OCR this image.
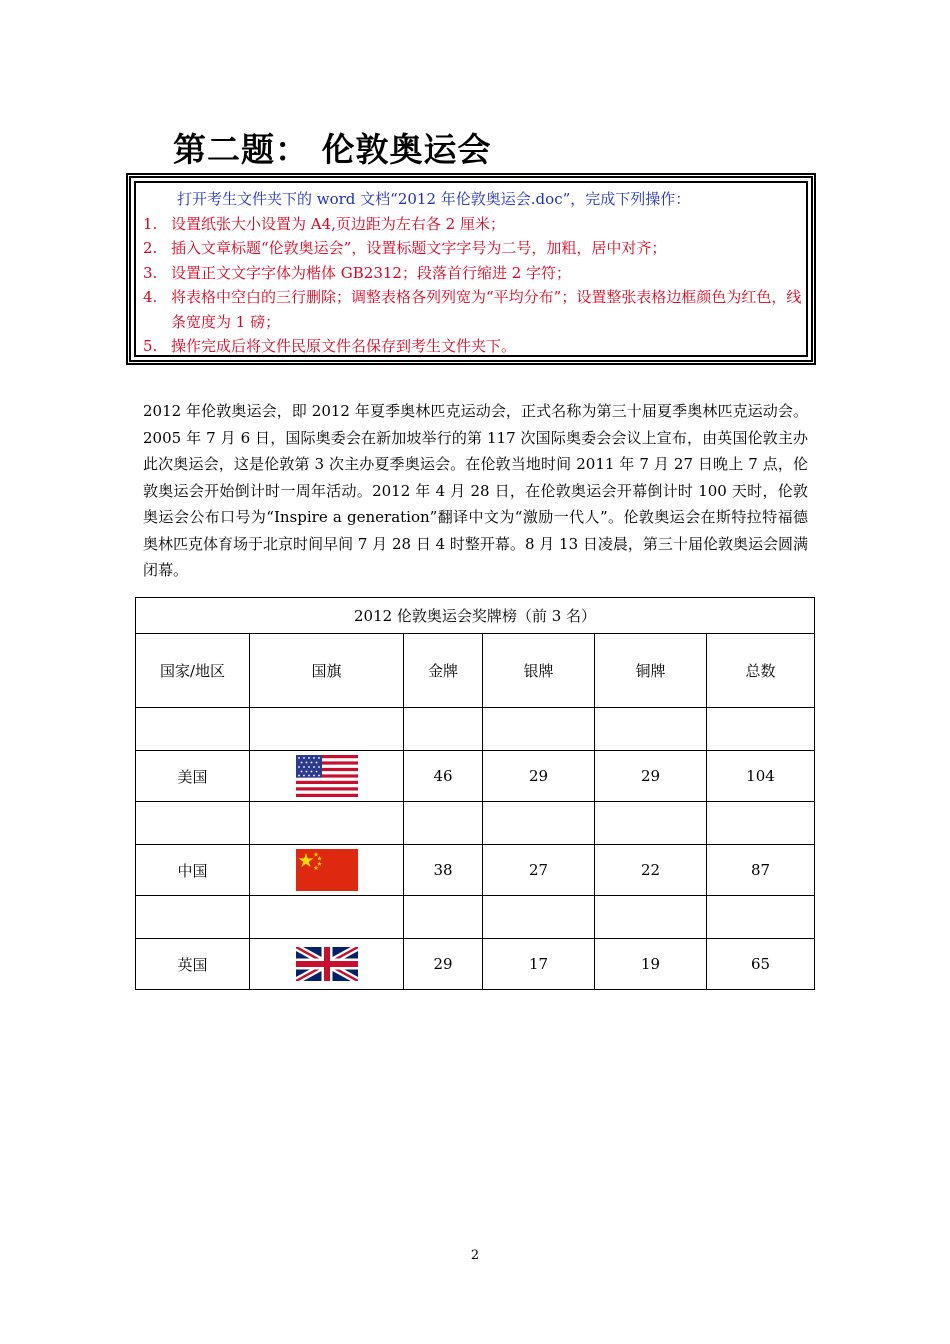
第二题： 伦敦奥运会
打开考生文件夹下的 word 文档“2012 年伦敦奥运会.doc”，完成下列操作：
1. 设置纸张大小设置为 A4,页边距为左右各 2 厘米；
2. 插入文章标题“伦敦奥运会”，设置标题文字字号为二号，加粗，居中对齐；
3. 设置正文文字字体为楷体 GB2312；段落首行缩进 2 字符；
4. 将表格中空白的三行删除；调整表格各列列宽为“平均分布”；设置整张表格边框颜色为红色，线条宽度为 1 磅；
5. 操作完成后将文件民原文件名保存到考生文件夹下。

2012 年伦敦奥运会，即 2012 年夏季奥林匹克运动会，正式名称为第三十届夏季奥林匹克运动会。2005 年 7 月 6 日，国际奥委会在新加坡举行的第 117 次国际奥委会会议上宣布，由英国伦敦主办此次奥运会，这是伦敦第 3 次主办夏季奥运会。在伦敦当地时间 2011 年 7 月 27 日晚上 7 点，伦敦奥运会开始倒计时一周年活动。2012 年 4 月 28 日，在伦敦奥运会开幕倒计时 100 天时，伦敦奥运会公布口号为“Inspire a generation”翻译中文为“激励一代人”。伦敦奥运会在斯特拉特福德奥林匹克体育场于北京时间早间 7 月 28 日 4 时整开幕。8 月 13 日凌晨，第三十届伦敦奥运会圆满闭幕。

2012 伦敦奥运会奖牌榜（前 3 名）					
国家/地区	国旗	金牌	银牌	铜牌	总数

美国		46	29	29	104

中国		38	27	22	87

英国		29	17	19	65
2
